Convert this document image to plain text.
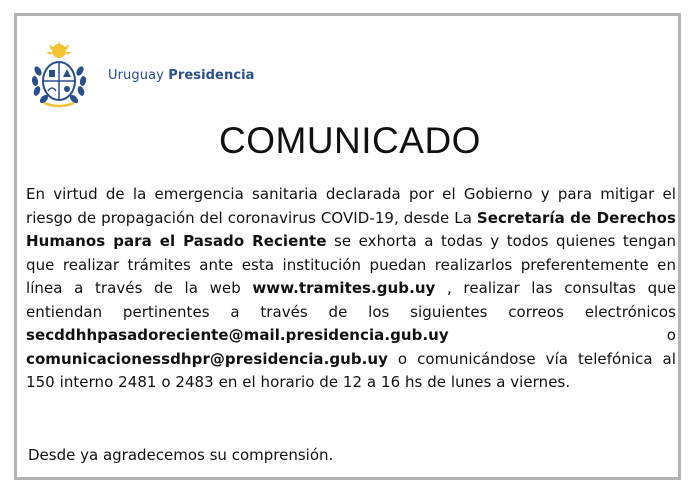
Uruguay Presidencia
COMUNICADO
En virtud de la emergencia sanitaria declarada por el Gobierno y para mitigar el riesgo de propagación del coronavirus COVID-19, desde La Secretaría de Derechos Humanos para el Pasado Reciente se exhorta a todas y todos quienes tengan que realizar trámites ante esta institución puedan realizarlos preferentemente en línea a través de la web www.tramites.gub.uy , realizar las consultas que entiendan pertinentes a través de los siguientes correos electrónicos secddhhpasadoreciente@mail.presidencia.gub.uy o comunicacionessdhpr@presidencia.gub.uy o comunicándose vía telefónica al 150 interno 2481 o 2483 en el horario de 12 a 16 hs de lunes a viernes.
Desde ya agradecemos su comprensión.
